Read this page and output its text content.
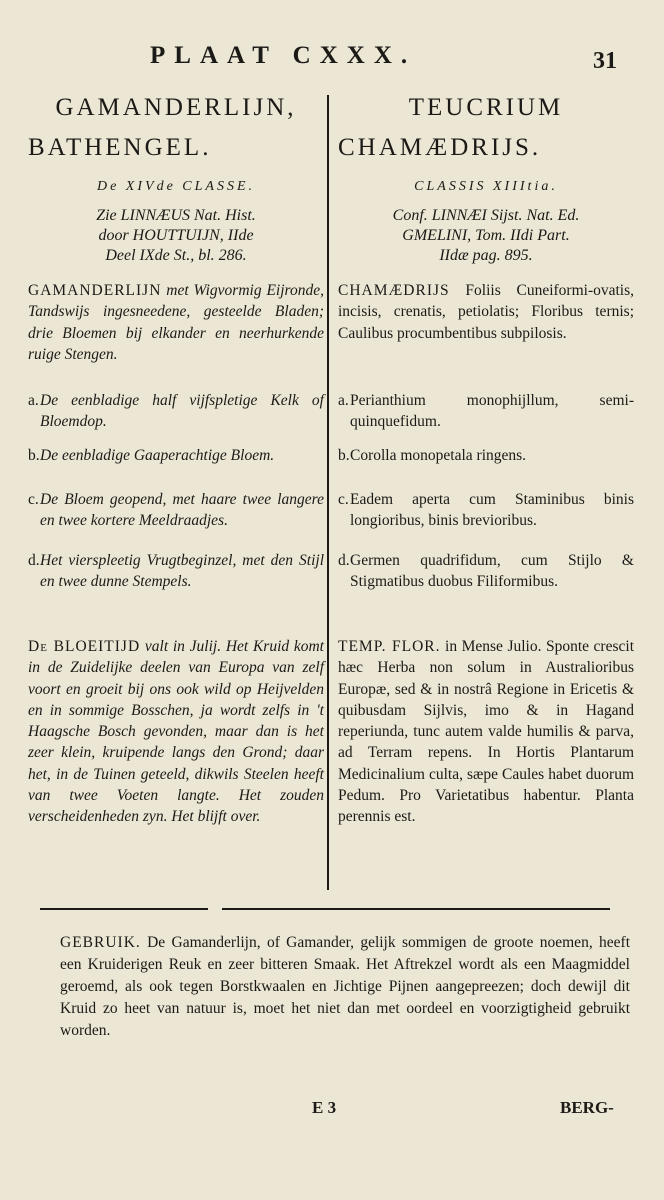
PLAAT CXXX.	31
GAMANDERLIJN,
BATHENGEL.
De XIVde CLASSE.
Zie LINNÆUS Nat. Hist.
door HOUTTUIJN, IIde
Deel IXde St., bl. 286.
GAMANDERLIJN met Wigvormig Eijronde, Tandswijs ingesneedene, gesteelde Bladen; drie Bloemen bij elkander en neerhurkende ruige Stengen.
a. De eenbladige half vijfspletige Kelk of Bloemdop.
b. De eenbladige Gaaperachtige Bloem.
c. De Bloem geopend, met haare twee langere en twee kortere Meeldraadjes.
d. Het vierspleetig Vrugtbeginzel, met den Stijl en twee dunne Stempels.
De BLOEITIJD valt in Julij. Het Kruid komt in de Zuidelijke deelen van Europa van zelf voort en groeit bij ons ook wild op Heijvelden en in sommige Bosschen, ja wordt zelfs in 't Haagsche Bosch gevonden, maar dan is het zeer klein, kruipende langs den Grond; daar het, in de Tuinen geteeld, dikwils Steelen heeft van twee Voeten langte. Het zouden verscheidenheden zyn. Het blijft over.
TEUCRIUM
CHAMÆDRIJS.
CLASSIS XIIItia.
Conf. LINNÆI Sijst. Nat. Ed.
GMELINI, Tom. IIdi Part.
IIdæ pag. 895.
CHAMÆDRIJS Foliis Cuneiformi-ovatis, incisis, crenatis, petiolatis; Floribus ternis; Caulibus procumbentibus subpilosis.
a. Perianthium monophijllum, semi-quinquefidum.
b. Corolla monopetala ringens.
c. Eadem aperta cum Staminibus binis longioribus, binis brevioribus.
d. Germen quadrifidum, cum Stijlo & Stigmatibus duobus Filiformibus.
TEMP. FLOR. in Mense Julio. Sponte crescit hæc Herba non solum in Australioribus Europæ, sed & in nostrâ Regione in Ericetis & quibusdam Sijlvis, imo & in Hagand reperiunda, tunc autem valde humilis & parva, ad Terram repens. In Hortis Plantarum Medicinalium culta, sæpe Caules habet duorum Pedum. Pro Varietatibus habentur. Planta perennis est.
GEBRUIK. De Gamanderlijn, of Gamander, gelijk sommigen de groote noemen, heeft een Kruiderigen Reuk en zeer bitteren Smaak. Het Aftrekzel wordt als een Maagmiddel geroemd, als ook tegen Borstkwaalen en Jichtige Pijnen aangepreezen; doch dewijl dit Kruid zo heet van natuur is, moet het niet dan met oordeel en voorzigtigheid gebruikt worden.
E 3	BERG-
